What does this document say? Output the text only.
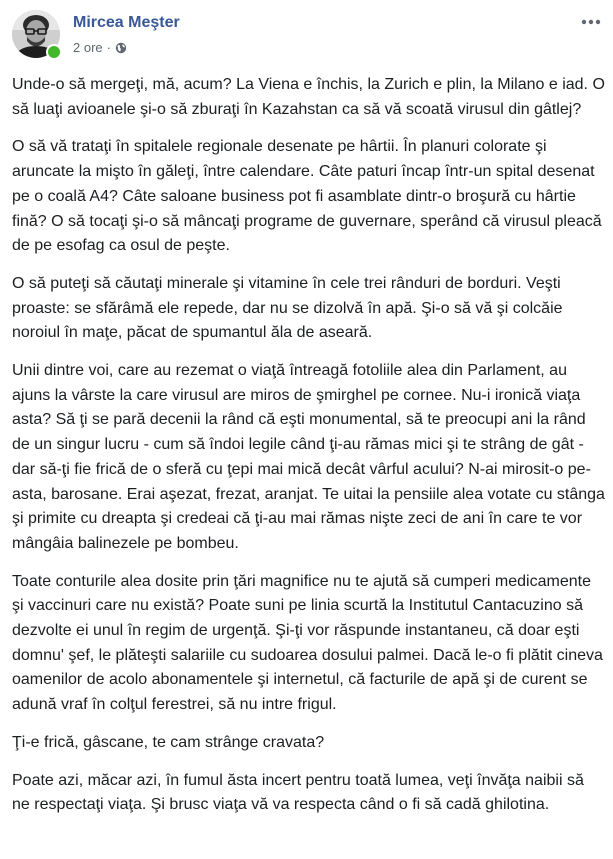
Mircea Meşter
2 ore ·

Unde-o să mergeţi, mă, acum? La Viena e închis, la Zurich e plin, la Milano e iad. O să luaţi avioanele şi-o să zburaţi în Kazahstan ca să vă scoată virusul din gâtlej?

O să vă trataţi în spitalele regionale desenate pe hârtii. În planuri colorate şi aruncate la mişto în găleţi, între calendare. Câte paturi încap într-un spital desenat pe o coală A4? Câte saloane business pot fi asamblate dintr-o broşură cu hârtie fină? O să tocaţi şi-o să mâncaţi programe de guvernare, sperând că virusul pleacă de pe esofag ca osul de peşte.

O să puteţi să căutaţi minerale şi vitamine în cele trei rânduri de borduri. Veşti proaste: se sfărâmă ele repede, dar nu se dizolvă în apă. Şi-o să vă şi colcăie noroiul în maţe, păcat de spumantul ăla de aseară.

Unii dintre voi, care au rezemat o viaţă întreagă fotoliile alea din Parlament, au ajuns la vârste la care virusul are miros de şmirghel pe cornee. Nu-i ironică viaţa asta? Să ţi se pară decenii la rând că eşti monumental, să te preocupi ani la rând de un singur lucru - cum să îndoi legile când ţi-au rămas mici şi te strâng de gât - dar să-ţi fie frică de o sferă cu ţepi mai mică decât vârful acului? N-ai mirosit-o pe-asta, barosane. Erai aşezat, frezat, aranjat. Te uitai la pensiile alea votate cu stânga şi primite cu dreapta şi credeai că ţi-au mai rămas nişte zeci de ani în care te vor mângâia balinezele pe bombeu.

Toate conturile alea dosite prin ţări magnifice nu te ajută să cumperi medicamente şi vaccinuri care nu există? Poate suni pe linia scurtă la Institutul Cantacuzino să dezvolte ei unul în regim de urgenţă. Şi-ţi vor răspunde instantaneu, că doar eşti domnu' şef, le plăteşti salariile cu sudoarea dosului palmei. Dacă le-o fi plătit cineva oamenilor de acolo abonamentele şi internetul, că facturile de apă şi de curent se adună vraf în colţul ferestrei, să nu intre frigul.

Ţi-e frică, gâscane, te cam strânge cravata?

Poate azi, măcar azi, în fumul ăsta incert pentru toată lumea, veţi învăţa naibii să ne respectaţi viaţa. Şi brusc viaţa vă va respecta când o fi să cadă ghilotina.
